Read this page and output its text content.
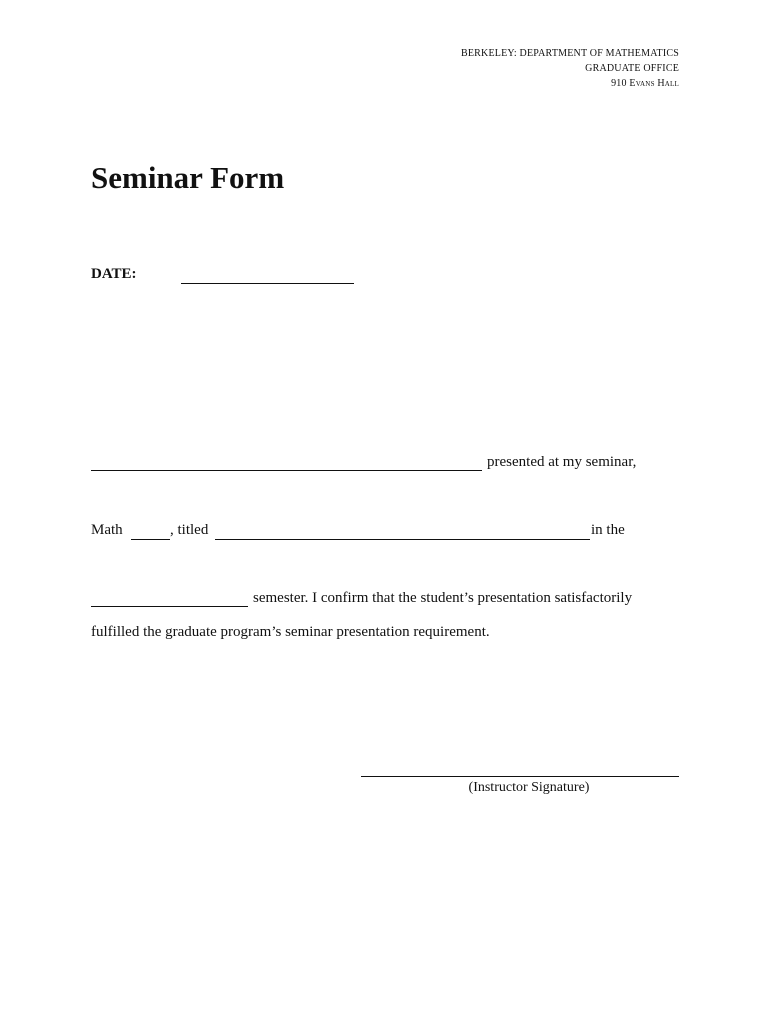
BERKELEY: DEPARTMENT OF MATHEMATICS
GRADUATE OFFICE
910 Evans Hall
Seminar Form
DATE:
presented at my seminar,
Math	, titled	in the
semester. I confirm that the student’s presentation satisfactorily
fulfilled the graduate program’s seminar presentation requirement.
(Instructor Signature)
